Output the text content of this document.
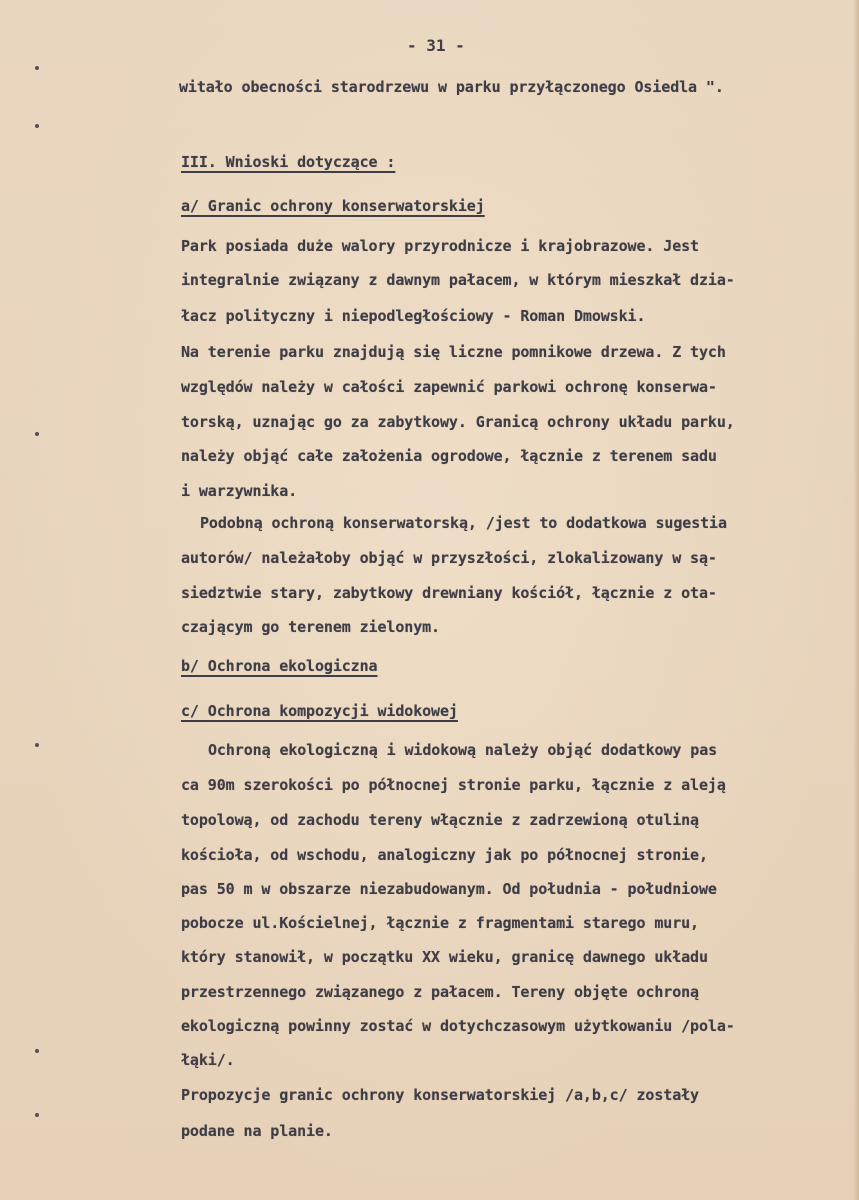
- 31 -
witało obecności starodrzewu w parku przyłączonego Osiedla ".
III. Wnioski dotyczące :
a/ Granic ochrony konserwatorskiej
Park posiada duże walory przyrodnicze i krajobrazowe. Jest
integralnie związany z dawnym pałacem, w którym mieszkał dzia-
łacz polityczny i niepodległościowy - Roman Dmowski.
Na terenie parku znajdują się liczne pomnikowe drzewa. Z tych
względów należy w całości zapewnić parkowi ochronę konserwa-
torską, uznając go za zabytkowy. Granicą ochrony układu parku,
należy objąć całe założenia ogrodowe, łącznie z terenem sadu
i warzywnika.
Podobną ochroną konserwatorską, /jest to dodatkowa sugestia
autorów/ należałoby objąć w przyszłości, zlokalizowany w są-
siedztwie stary, zabytkowy drewniany kościół, łącznie z ota-
czającym go terenem zielonym.
b/ Ochrona ekologiczna
c/ Ochrona kompozycji widokowej
Ochroną ekologiczną i widokową należy objąć dodatkowy pas
ca 90m szerokości po północnej stronie parku, łącznie z aleją
topolową, od zachodu tereny włącznie z zadrzewioną otuliną
kościoła, od wschodu, analogiczny jak po północnej stronie,
pas 50 m w obszarze niezabudowanym. Od południa - południowe
pobocze ul.Kościelnej, łącznie z fragmentami starego muru,
który stanowił, w początku XX wieku, granicę dawnego układu
przestrzennego związanego z pałacem. Tereny objęte ochroną
ekologiczną powinny zostać w dotychczasowym użytkowaniu /pola-
łąki/.
Propozycje granic ochrony konserwatorskiej /a,b,c/ zostały
podane na planie.
